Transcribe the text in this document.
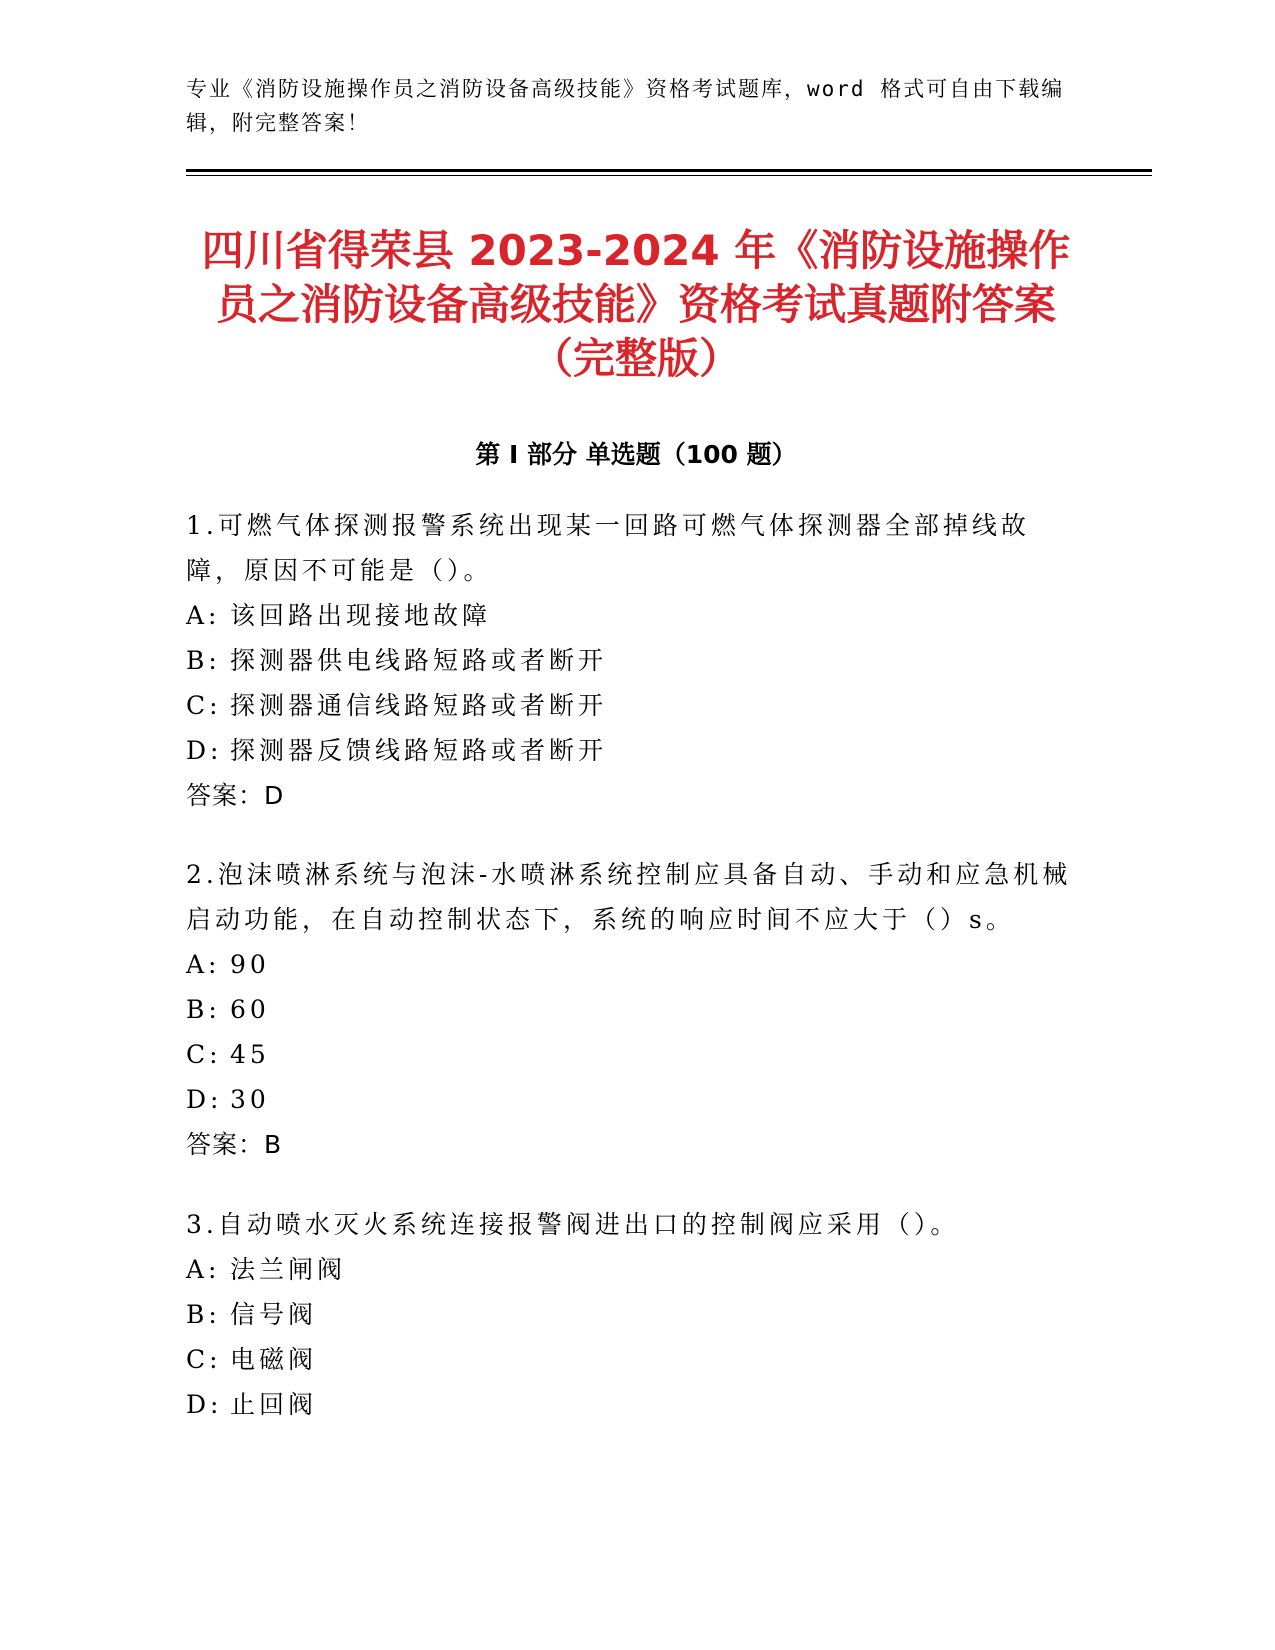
专业《消防设施操作员之消防设备高级技能》资格考试题库，word 格式可自由下载编辑，附完整答案！
四川省得荣县 2023-2024 年《消防设施操作员之消防设备高级技能》资格考试真题附答案（完整版）
第 I 部分 单选题（100 题）
1.可燃气体探测报警系统出现某一回路可燃气体探测器全部掉线故障，原因不可能是（）。
A: 该回路出现接地故障
B: 探测器供电线路短路或者断开
C: 探测器通信线路短路或者断开
D: 探测器反馈线路短路或者断开
答案：D
2.泡沫喷淋系统与泡沫-水喷淋系统控制应具备自动、手动和应急机械启动功能，在自动控制状态下，系统的响应时间不应大于（）s。
A: 90
B: 60
C: 45
D: 30
答案：B
3.自动喷水灭火系统连接报警阀进出口的控制阀应采用（）。
A: 法兰闸阀
B: 信号阀
C: 电磁阀
D: 止回阀
